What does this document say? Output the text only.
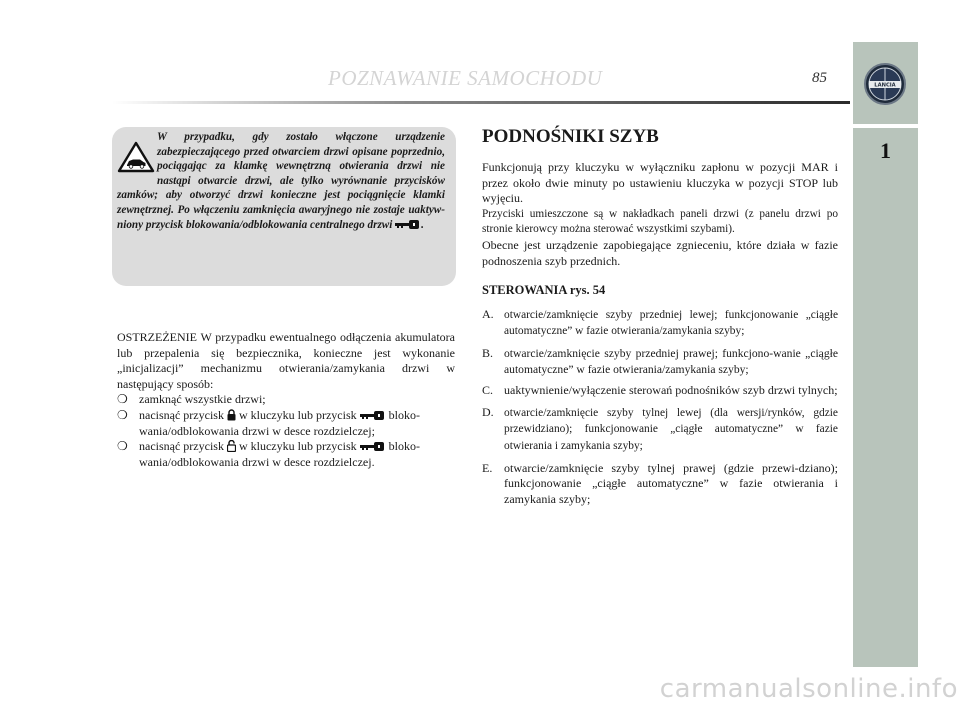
POZNAWANIE SAMOCHODU	85	LANCIA
1
W przypadku, gdy zostało włączone urządzenie zabezpieczającego przed otwarciem drzwi opisane poprzednio, pociągając za klamkę wewnętrzną otwierania drzwi nie nastąpi otwarcie drzwi, ale tylko wyrównanie przycisków zamków; aby otworzyć drzwi konieczne jest pociągnięcie klamki zewnętrznej. Po włączeniu zamknięcia awaryjnego nie zostaje uaktyw-niony przycisk blokowania/odblokowania centralnego drzwi	.

OSTRZEŻENIE W przypadku ewentualnego odłączenia akumulatora lub przepalenia się bezpiecznika, konieczne jest wykonanie „inicjalizacji” mechanizmu otwierania/zamykania drzwi w następujący sposób:

❍ zamknąć wszystkie drzwi;
❍ nacisnąć przycisk  w kluczyku lub przycisk  bloko-wania/odblokowania drzwi w desce rozdzielczej;
❍ nacisnąć przycisk  w kluczyku lub przycisk  bloko-wania/odblokowania drzwi w desce rozdzielczej.
PODNOŚNIKI SZYB

Funkcjonują przy kluczyku w wyłączniku zapłonu w pozycji MAR i przez około dwie minuty po ustawieniu kluczyka w pozycji STOP lub wyjęciu.

Przyciski umieszczone są w nakładkach paneli drzwi (z panelu drzwi po stronie kierowcy można sterować wszystkimi szybami).

Obecne jest urządzenie zapobiegające zgnieceniu, które działa w fazie podnoszenia szyb przednich.

STEROWANIA rys. 54
A. otwarcie/zamknięcie szyby przedniej lewej; funkcjonowanie „ciągłe automatyczne” w fazie otwierania/zamykania szyby;
B. otwarcie/zamknięcie szyby przedniej prawej; funkcjono-wanie „ciągłe automatyczne” w fazie otwierania/zamykania szyby;
C. uaktywnienie/wyłączenie sterowań podnośników szyb drzwi tylnych;
D. otwarcie/zamknięcie szyby tylnej lewej (dla wersji/rynków, gdzie przewidziano); funkcjonowanie „ciągłe automatyczne” w fazie otwierania i zamykania szyby;
E. otwarcie/zamknięcie szyby tylnej prawej (gdzie przewi-dziano); funkcjonowanie „ciągłe automatyczne” w fazie otwierania i zamykania szyby;
carmanualsonline.info
